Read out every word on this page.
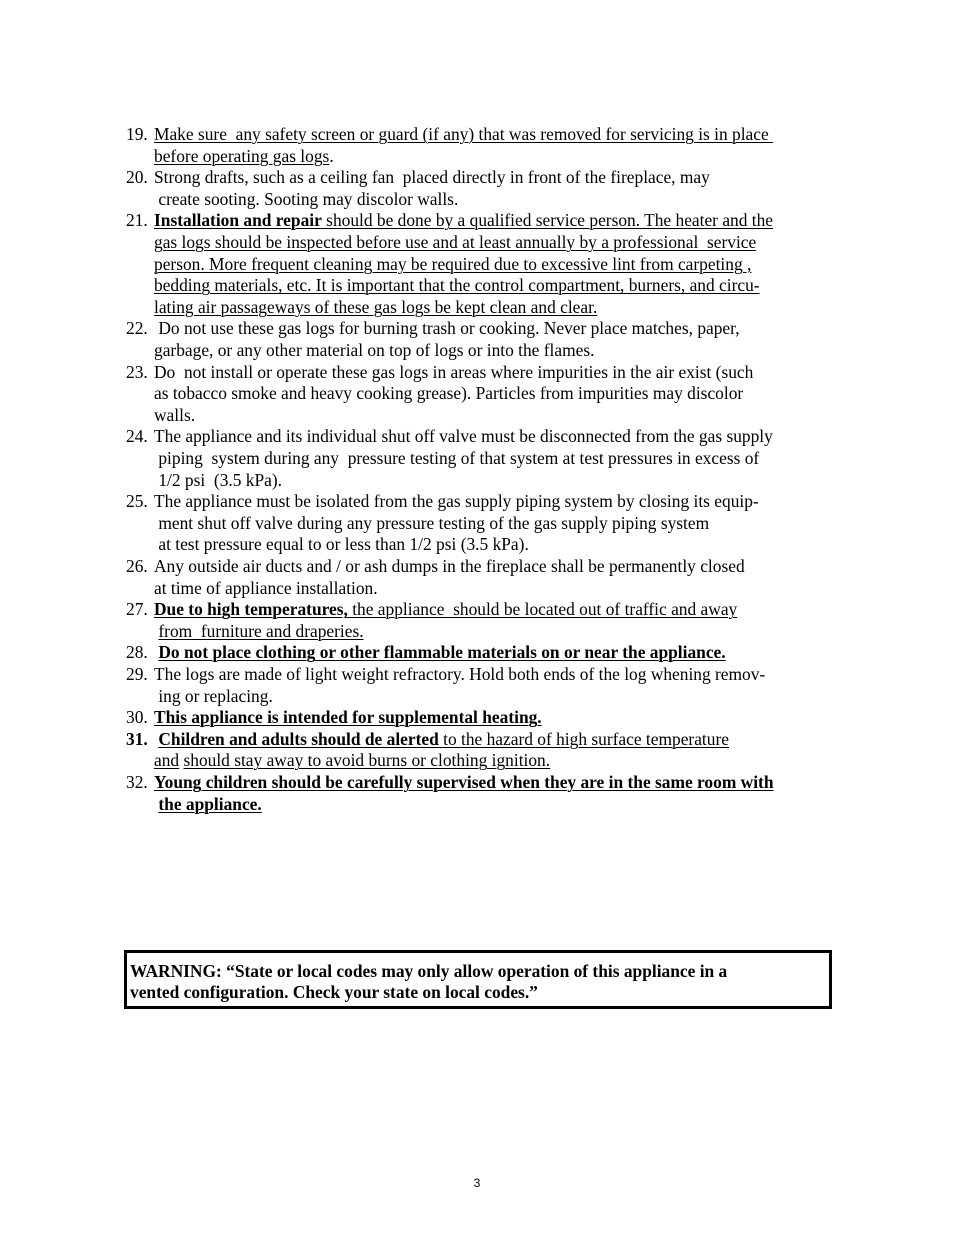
19. Make sure  any safety screen or guard (if any) that was removed for servicing is in place
before operating gas logs.
20. Strong drafts, such as a ceiling fan  placed directly in front of the fireplace, may
create sooting. Sooting may discolor walls.
21. Installation and repair should be done by a qualified service person. The heater and the
gas logs should be inspected before use and at least annually by a professional  service
person. More frequent cleaning may be required due to excessive lint from carpeting ,
bedding materials, etc. It is important that the control compartment, burners, and circu-
lating air passageways of these gas logs be kept clean and clear.
22. Do not use these gas logs for burning trash or cooking. Never place matches, paper,
garbage, or any other material on top of logs or into the flames.
23. Do  not install or operate these gas logs in areas where impurities in the air exist (such
as tobacco smoke and heavy cooking grease). Particles from impurities may discolor
walls.
24. The appliance and its individual shut off valve must be disconnected from the gas supply
piping  system during any  pressure testing of that system at test pressures in excess of
1/2 psi  (3.5 kPa).
25. The appliance must be isolated from the gas supply piping system by closing its equip-
ment shut off valve during any pressure testing of the gas supply piping system
at test pressure equal to or less than 1/2 psi (3.5 kPa).
26. Any outside air ducts and / or ash dumps in the fireplace shall be permanently closed
at time of appliance installation.
27. Due to high temperatures, the appliance  should be located out of traffic and away
from  furniture and draperies.
28. Do not place clothing or other flammable materials on or near the appliance.
29. The logs are made of light weight refractory. Hold both ends of the log whening remov-
ing or replacing.
30. This appliance is intended for supplemental heating.
31. Children and adults should de alerted to the hazard of high surface temperature
and should stay away to avoid burns or clothing ignition.
32. Young children should be carefully supervised when they are in the same room with
the appliance.
WARNING: “State or local codes may only allow operation of this appliance in a
vented configuration. Check your state on local codes.”
3
